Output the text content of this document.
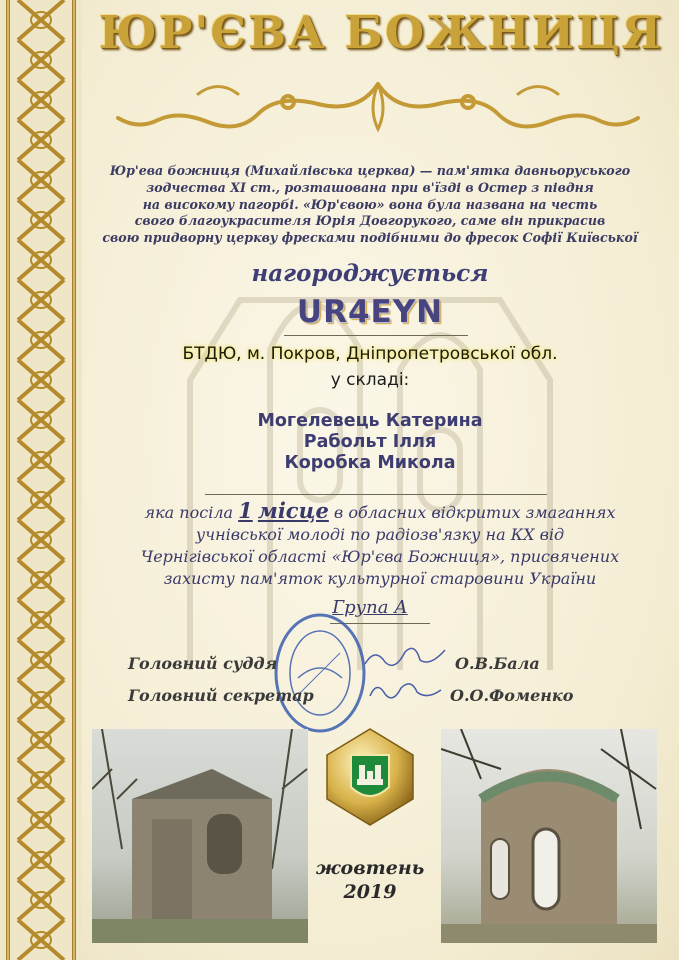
ЮР'ЄВА БОЖНИЦЯ
Юр'ева божниця (Михайлівська церква) — пам'ятка давньоруського
зодчества XI ст., розташована при в'їзді в Остер з півдня
на високому пагорбі. «Юр'євою» вона була названа на честь
свого благоукрасителя Юрія Довгорукого, саме він прикрасив
свою придворну церкву фресками подібними до фресок Софії Київської
нагороджується
UR4EYN
БТДЮ, м. Покров, Дніпропетровської обл.
у складі:
Могелевець Катерина
Рабольт Ілля
Коробка Микола
яка посіла 1 місце в обласних відкритих змаганнях
учнівської молоді по радіозв'язку на КХ від
Чернігівської області «Юр'єва Божниця», присвячених
захисту пам'яток культурної старовини України
Група А
Головний суддя	О.В.Бала
Головний секретар	О.О.Фоменко
жовтень
2019
